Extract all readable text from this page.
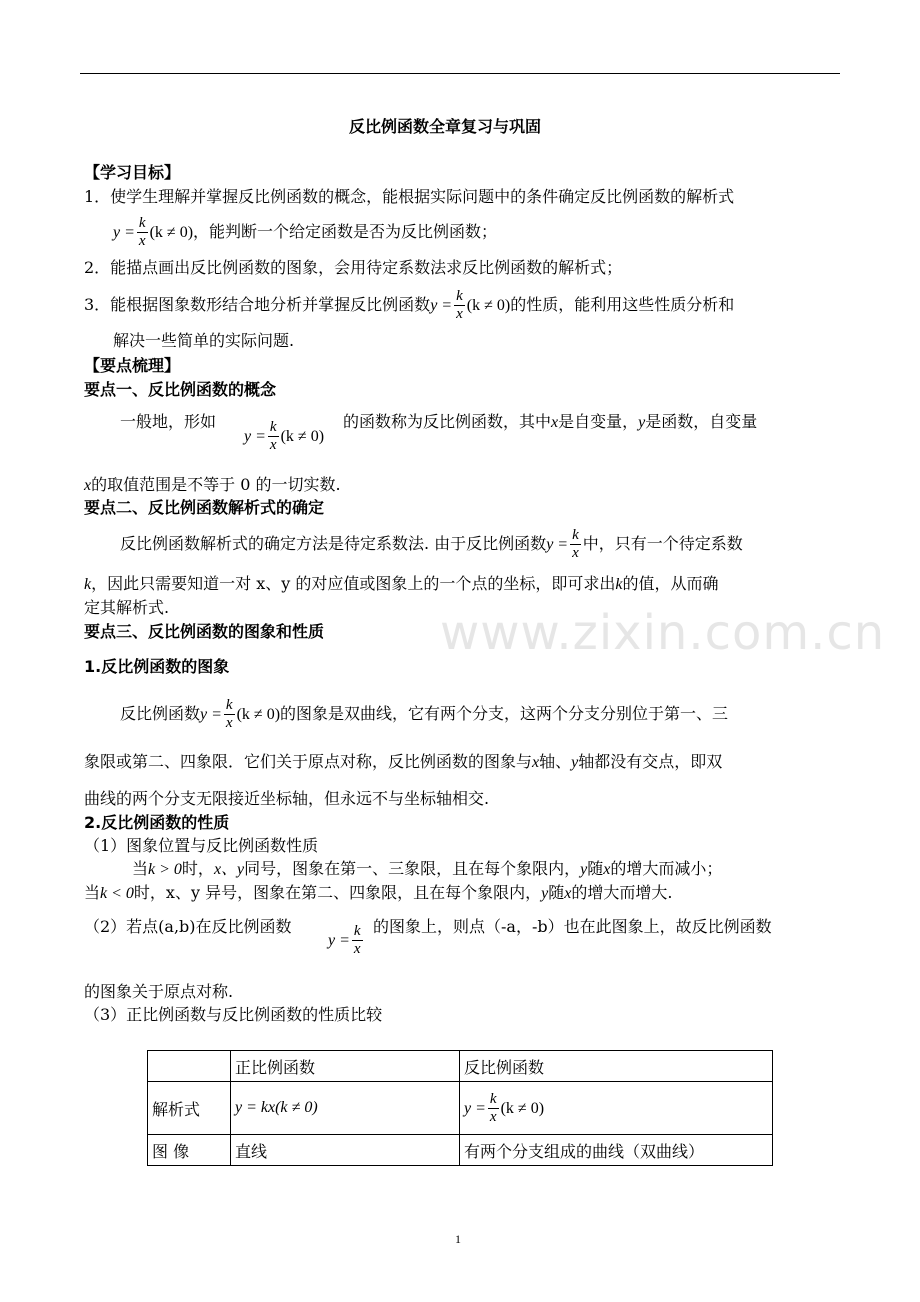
www.zixin.com.cn
反比例函数全章复习与巩固
【学习目标】
1．使学生理解并掌握反比例函数的概念，能根据实际问题中的条件确定反比例函数的解析式
$y = \frac{k}{x} (k \ne 0)$，能判断一个给定函数是否为反比例函数；
2．能描点画出反比例函数的图象，会用待定系数法求反比例函数的解析式；
3．能根据图象数形结合地分析并掌握反比例函数$y = \frac{k}{x} (k \ne 0)$的性质，能利用这些性质分析和
解决一些简单的实际问题.
【要点梳理】
要点一、反比例函数的概念
一般地，形如
$y = \frac{k}{x} (k \ne 0)$
的函数称为反比例函数，其中x是自变量，y是函数，自变量
x的取值范围是不等于 0 的一切实数.
要点二、反比例函数解析式的确定
反比例函数解析式的确定方法是待定系数法. 由于反比例函数$y = \frac{k}{x}$ 中，只有一个待定系数
k，因此只需要知道一对 x、y 的对应值或图象上的一个点的坐标，即可求出k的值，从而确
定其解析式.
要点三、反比例函数的图象和性质
1.反比例函数的图象
反比例函数$y = \frac{k}{x} (k \ne 0)$的图象是双曲线，它有两个分支，这两个分支分别位于第一、三
象限或第二、四象限．它们关于原点对称，反比例函数的图象与x轴、y轴都没有交点，即双
曲线的两个分支无限接近坐标轴，但永远不与坐标轴相交.
2.反比例函数的性质
（1）图象位置与反比例函数性质
当k > 0时，x、y同号，图象在第一、三象限，且在每个象限内，y随x的增大而减小；
当k < 0时，x、y 异号，图象在第二、四象限，且在每个象限内，y随x的增大而增大.
（2）若点(a,b)在反比例函数
$y = \frac{k}{x}$ 的图象上，则点（-a，-b）也在此图象上，故反比例函数
的图象关于原点对称.
（3）正比例函数与反比例函数的性质比较
	正比例函数	反比例函数
解析式	y = kx(k ≠ 0)	$y = \frac{k}{x} (k \ne 0)$
图 像	直线	有两个分支组成的曲线（双曲线）
1
